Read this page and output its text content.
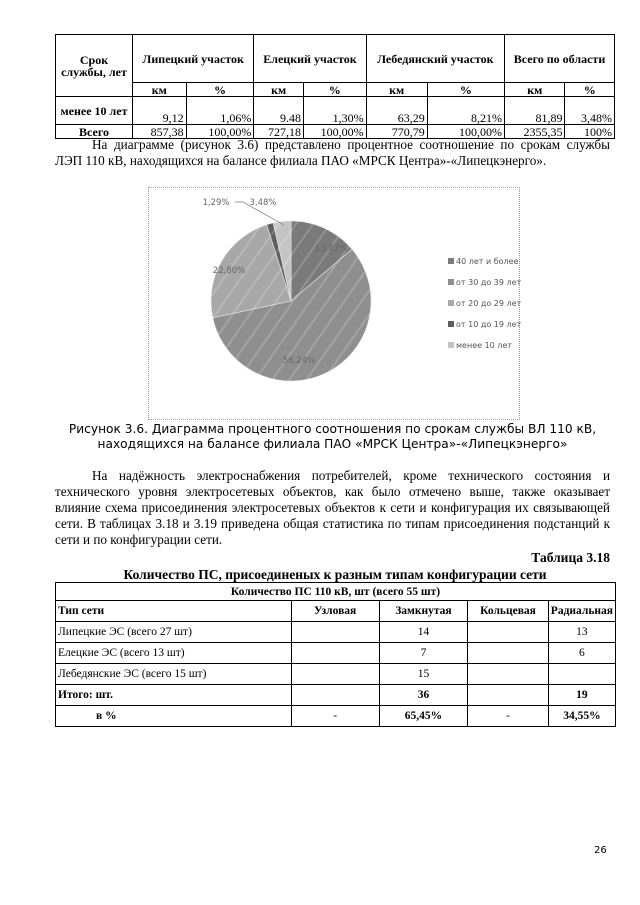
Срок службы, лет	Липецкий участок		Елецкий участок		Лебедянский участок		Всего по области	
	км	%	км	%	км	%	км	%
менее 10 лет	9,12	1,06%	9.48	1,30%	63,29	8,21%	81,89	3,48%
Всего	857,38	100,00%	727,18	100,00%	770,79	100,00%	2355,35	100%
На диаграмме (рисунок 3.6) представлено процентное соотношение по срокам службы ЛЭП 110 кВ, находящихся на балансе филиала ПАО «МРСК Центра»-«Липецкэнерго».
13,42%
56,24%
22,80%
1,29% 3,48%
40 лет и более
от 30 до 39 лет
от 20 до 29 лет
от 10 до 19 лет
менее 10 лет
Рисунок 3.6. Диаграмма процентного соотношения по срокам службы ВЛ 110 кВ, находящихся на балансе филиала ПАО «МРСК Центра»-«Липецкэнерго»
На надёжность электроснабжения потребителей, кроме технического состояния и технического уровня электросетевых объектов, как было отмечено выше, также оказывает влияние схема присоединения электросетевых объектов к сети и конфигурация их связывающей сети. В таблицах 3.18 и 3.19 приведена общая статистика по типам присоединения подстанций к сети и по конфигурации сети.
Таблица 3.18
Количество ПС, присоединеных к разным типам конфигурации сети
Количество ПС 110 кВ, шт (всего 55 шт)				
Тип сети	Узловая	Замкнутая	Кольцевая	Радиальная
Липецкие ЭС (всего 27 шт)		14		13
Елецкие ЭС (всего 13 шт)		7		6
Лебедянские ЭС (всего 15 шт)		15		
Итого: шт.		36		19
в %	-	65,45%	-	34,55%
26
